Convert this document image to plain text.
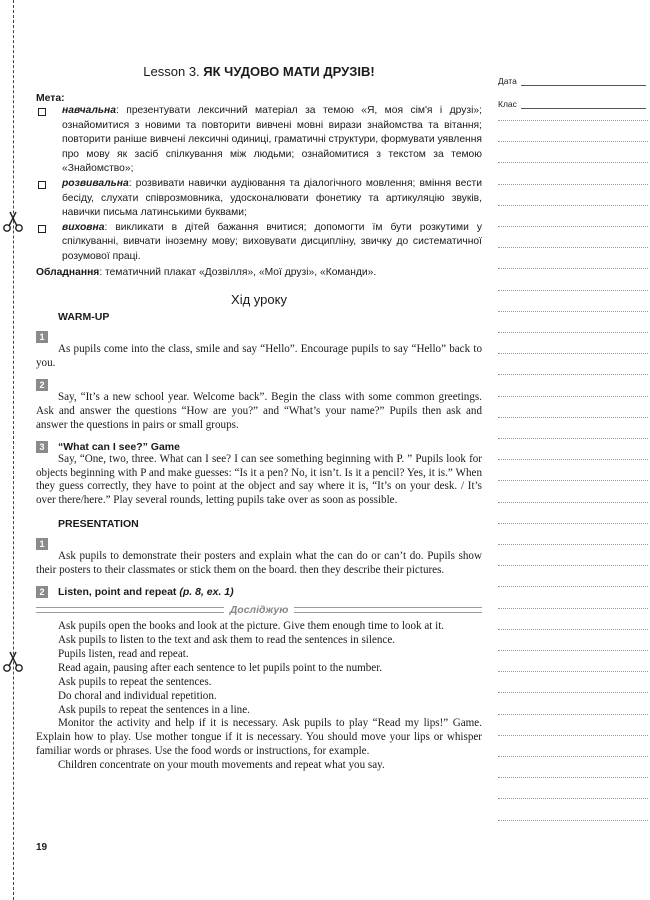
Lesson 3. ЯК ЧУДОВО МАТИ ДРУЗІВ!
Мета:
навчальна: презентувати лексичний матеріал за темою «Я, моя сім'я і друзі»; ознайомитися з новими та повторити вивчені мовні вирази знайомства та вітання; повторити раніше вивчені лексичні одиниці, граматичні структури, формувати уявлення про мову як засіб спілкування між людьми; ознайомитися з текстом за темою «Знайомство»;
розвивальна: розвивати навички аудіювання та діалогічного мовлення; вміння вести бесіду, слухати співрозмовника, удосконалювати фонетику та артикуляцію звуків, навички письма латинськими буквами;
виховна: викликати в дітей бажання вчитися; допомогти їм бути розкутими у спілкуванні, вивчати іноземну мову; виховувати дисципліну, звичку до систематичної розумової праці.
Обладнання: тематичний плакат «Дозвілля», «Мої друзі», «Команди».
Хід уроку
WARM-UP
1

As pupils come into the class, smile and say “Hello”. Encourage pupils to say “Hello” back to you.

2

Say, “It’s a new school year. Welcome back”. Begin the class with some common greetings. Ask and answer the questions “How are you?” and “What’s your name?” Pupils then ask and answer the questions in pairs or small groups.

3	“What can I see?” Game

Say, “One, two, three. What can I see? I can see something beginning with P. ” Pupils look for objects beginning with P and make guesses: “Is it a pen? No, it isn’t. Is it a pencil? Yes, it is.” When they guess correctly, they have to point at the object and say where it is, “It’s on your desk. / It’s over there/here.” Play several rounds, letting pupils take over as soon as possible.

PRESENTATION
1

Ask pupils to demonstrate their posters and explain what the can do or can’t do. Pupils show their posters to their classmates or stick them on the board. then they describe their pictures.

2	Listen, point and repeat (p. 8, ex. 1)
Досліджую

Ask pupils open the books and look at the picture. Give them enough time to look at it.

Ask pupils to listen to the text and ask them to read the sentences in silence.

Pupils listen, read and repeat.

Read again, pausing after each sentence to let pupils point to the number.

Ask pupils to repeat the sentences.

Do choral and individual repetition.

Ask pupils to repeat the sentences in a line.

Monitor the activity and help if it is necessary. Ask pupils to play “Read my lips!” Game. Explain how to play. Use mother tongue if it is necessary. You should move your lips or whisper familiar words or phrases. Use the food words or instructions, for example.

Children concentrate on your mouth movements and repeat what you say.

19
Дата
Клас
